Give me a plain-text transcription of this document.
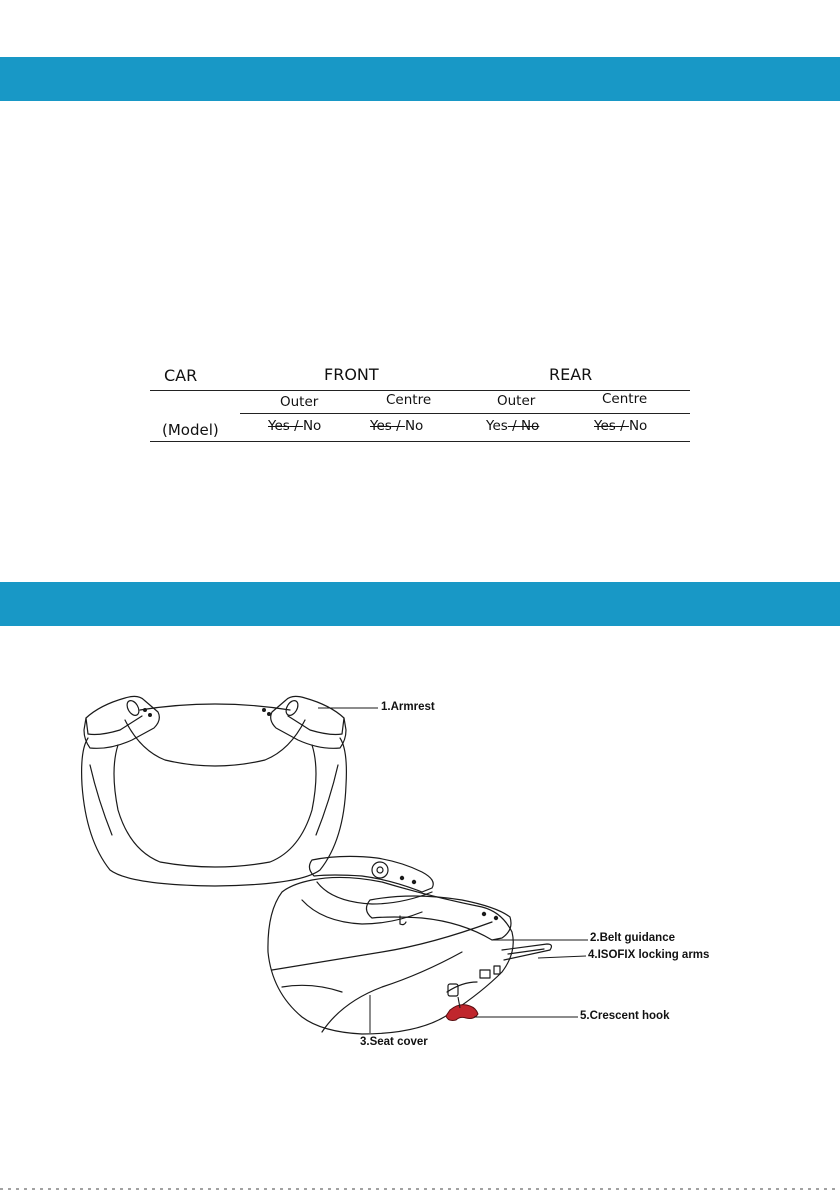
CAR	FRONT	REAR
Outer	Centre	Outer	Centre
(Model)	Yes / No	Yes / No	Yes / No	Yes / No
1.Armrest
2.Belt guidance
4.ISOFIX locking arms
5.Crescent hook
3.Seat cover
